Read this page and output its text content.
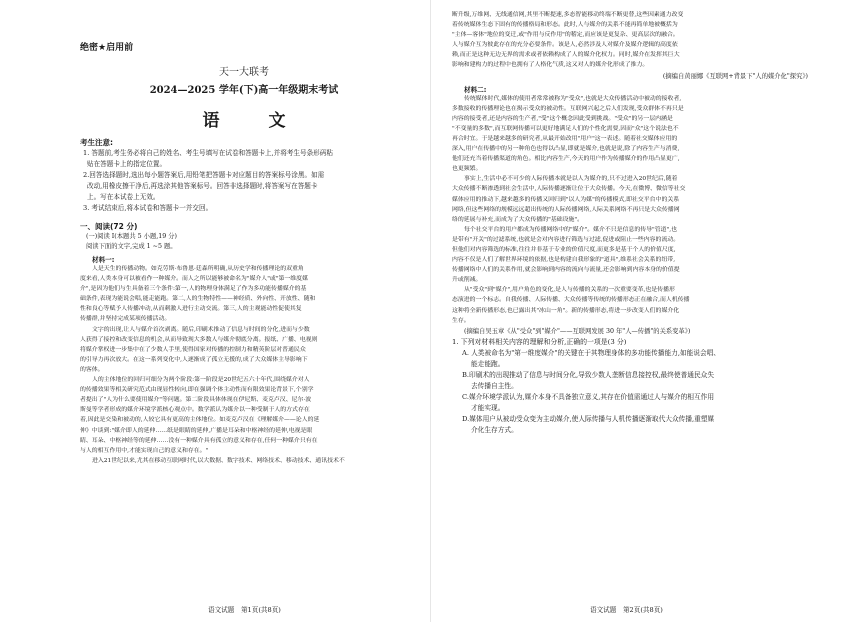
绝密★启用前
天一大联考
2024—2025 学年(下)高一年级期末考试
语　文
考生注意:
1. 答题前,考生务必将自己的姓名、考生号填写在试卷和答题卡上,并将考生号条形码粘
贴在答题卡上的指定位置。
2.回答选择题时,选出每小题答案后,用铅笔把答题卡对应题目的答案标号涂黑。如需
改动,用橡皮擦干净后,再选涂其他答案标号。回答非选择题时,将答案写在答题卡
上。写在本试卷上无效。
3. 考试结束后,将本试卷和答题卡一并交回。
一、阅读(72 分)
(一)阅读 I(本题共 5 小题,19 分)
阅读下面的文字,完成 1 ~5 题。
材料一:

人是天生的传播动物。如克劳斯·布鲁恩·廷森所明确,从历史学和传播理论的双重角

度来看,人类本身可以被看作一种媒介。而人之所以能够被命名为"媒介人"或"第一维度媒

介",是因为他们与生具备着三个条件:第一,人的物理身体满足了作为多功能传播媒介的基

础条件,表现为能说会唱,能走能跑。第二,人的生物特性——神经质、外向性、开放性、随和

性和良心等赋予人传播冲动,从而刺激人进行主动交流。第三,人的主观能动性促使其复

传播群,并坚持完成某项传播活动。

文字的出现,让人与媒介首次剥离。随后,印刷术推动了信息与时间的分化,进而与少数

人获得了接控和改变信息的机会,从而导致现大多数人与媒介彻底分离。报纸、广播、电视则

将媒介掌权进一步集中在了少数人手里,使得国家对传播的控制力和精英阶层对普通民众

的引导力再次放大。在这一系列变化中,人逐渐成了孤立无援的,成了大众媒体主导影响下

的客体。

人的主体地位的回归可细分为两个阶段:第一阶段是20世纪五六十年代,围绕媒介对人

的传播效果等相关研究范式由现显性转向,即在强调个体主动性而有限效果论背景下,个别学

者提出了"人为什么要使用媒介"等问题。第二阶段具体体现在伊尼斯、麦克卢汉、尼尔·波

斯曼等学者形成的媒介环境学派核心观点中。数学派认为媒介以一种受制于人的方式存在

着,因此是交染和被动的,人较它具有更高的主体地位。如麦克卢汉在《理解媒介——论人的延

伸》中谈到:"媒介即人的延伸……纸是眼睛的延伸,广播是耳朵和中枢神经的延伸,电视是眼

睛、耳朵、中枢神经等的延伸……没有一种媒介具有孤立的意义和存在,任何一种媒介只有在

与人的相互作用中,才能实现自己的意义和存在。"

进入21世纪以来,尤其在移动互联网时代,以大数据、数字技术、网络技术、移动技术、通讯技术不

语文试题　第1页(共8页)

断升级,万维网、无线通信网,其里不断提速,多态智能移动终端不断更替,这些因素通力改变

着传统媒体生态下固有的传播格局和形态。此时,人与媒介的关系不能再简单地被概括为

"主体—客体"地位的变迁,或"作用与反作用"的稽定,而应该是更复杂、更高层次的融合。

人与媒介互为彼此存在的充分必要条件。该是人,必然涉及人对媒介及媒介逻辑的高度依

赖,而正是这种无边无界的需求或者依赖构成了人的媒介化权力。同时,媒介在发挥其巨大

影响和建构力的过程中也拥有了人格化气质,这又对人的媒介化形成了推力。

(摘编自黄丽娜《互联网+背景下"人的媒介化"探究》)
材料二:

传统媒体时代,媒体的使用者常常被称为"受众",也就是大众传播活动中被动的接收者,

多数接收的传播理论也在揭示受众的被动性。互联网兴起之后人们发现,受众群体不再只是

内容的接受者,还是内容的生产者,"受"这个概念因此受到挑战。"受众"的另一层内涵是

"不变量的多数",而互联网传播可以更好地满足人们的个性化需要,因而"众"这个说法也不

再合时宜。于是越来越多的研究者,从最开始改用"用户"这一表述。随着社交媒体应用的

深入,用户在传播中的另一种角色也得以凸显,即就是媒介,也就是说,除了内容生产与消费,

他们还充当着传播渠道的角色。相比内容生产,今天的用户作为传播媒介的作用凸显更广,

也更频繁。

事实上,生活中必不可少的人际传播本就是以人为媒介的,只不过进入20世纪后,随着

大众传播不断渗透到社会生活中,人际传播逐渐让位于大众传播。今天,在微博、微信等社交

媒体应用的推动下,越来越多的传播又回归到"以人为媒"的传播模式,即社交平台中的关系

网络,但这些网络的规模远远超出传统的人际传播网络,人际关系网络不再只是大众传播网

络的延展与补充,而成为了大众传播的"基础设施"。

每个社交平台的用户都成为传播网络中的"媒介"。媒介不只是信息的传导"管道",也

是带有"开关"的过滤系统,也就是会对内容进行筛选与过滤,促进或阻止一些内容的流动。

但他们对内容筛选的标准,往往并非基于专业的价值尺度,而更多是基于个人的价值尺度,

内容不仅是人们了解世界环境的依据,也是构建自我形象的"道具",维系社会关系的纽带,

传播网络中人们的关系作用,就会影响到内容的流向与流量,还会影响到内容本身的价值提

升或削减。

从"受众"到"媒介",用户角色的变化,是人与传播的关系的一次重要变革,也是传播形

态演进的一个标志。自我传播、人际传播、大众传播等传统的传播形态正在融合,而人机传播

这种将全新传播形态,也已露出其"冰山一角"。新的传播形态,将进一步改变人们的媒介化

生存。

(摘编自吴玉章《从"受众"到"媒介"——互联网发展 30 年"人—传播"的关系变革》)
1. 下列对材料相关内容的理解和分析,正确的一项是(3 分)
A. 人类被命名为"第一维度媒介"的关键在于其物理身体的多功能传播能力,如能说会唱、
能走能跑。
B.印刷术的出现推动了信息与时间分化,导致少数人垄断信息接控权,最终使普通民众失
去传播自主性。
C.媒介环境学派认为,媒介本身不具备独立意义,其存在价值需通过人与媒介的相互作用
才能实现。
D.媒体用户从被动受众变为主动媒介,使人际传播与人机传播逐渐取代大众传播,重塑媒
介化生存方式。
语文试题　第2页(共8页)
